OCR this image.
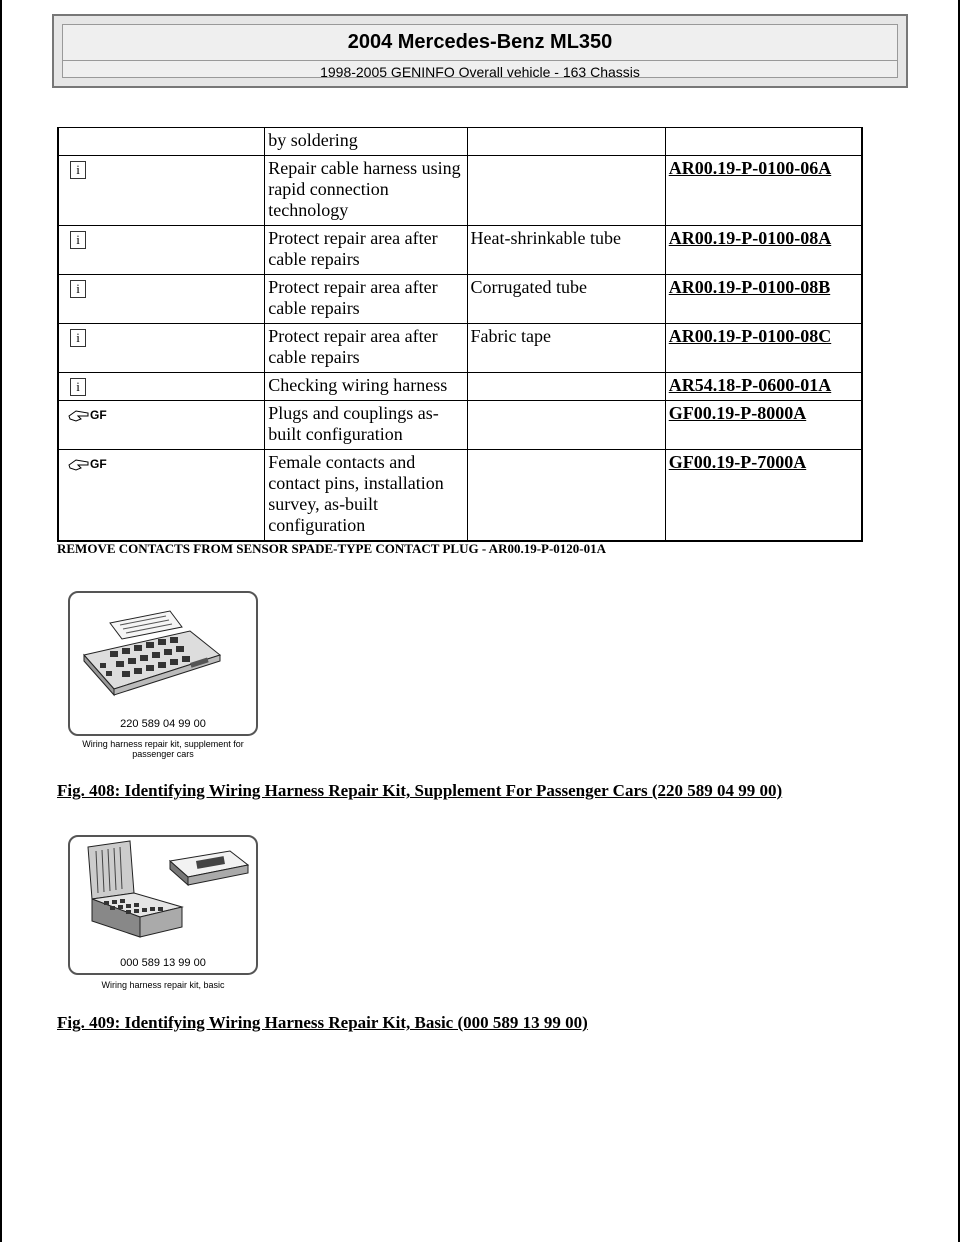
2004 Mercedes-Benz ML350
1998-2005 GENINFO Overall vehicle - 163 Chassis
	by soldering		
i	Repair cable harness using rapid connection technology		AR00.19-P-0100-06A
i	Protect repair area after cable repairs	Heat-shrinkable tube	AR00.19-P-0100-08A
i	Protect repair area after cable repairs	Corrugated tube	AR00.19-P-0100-08B
i	Protect repair area after cable repairs	Fabric tape	AR00.19-P-0100-08C
i	Checking wiring harness		AR54.18-P-0600-01A
GF	Plugs and couplings as-built configuration		GF00.19-P-8000A
GF	Female contacts and contact pins, installation survey, as-built configuration		GF00.19-P-7000A
REMOVE CONTACTS FROM SENSOR SPADE-TYPE CONTACT PLUG - AR00.19-P-0120-01A
220 589 04 99 00
Wiring harness repair kit, supplement for passenger cars
Fig. 408: Identifying Wiring Harness Repair Kit, Supplement For Passenger Cars (220 589 04 99 00)
000 589 13 99 00
Wiring harness repair kit, basic
Fig. 409: Identifying Wiring Harness Repair Kit, Basic (000 589 13 99 00)
